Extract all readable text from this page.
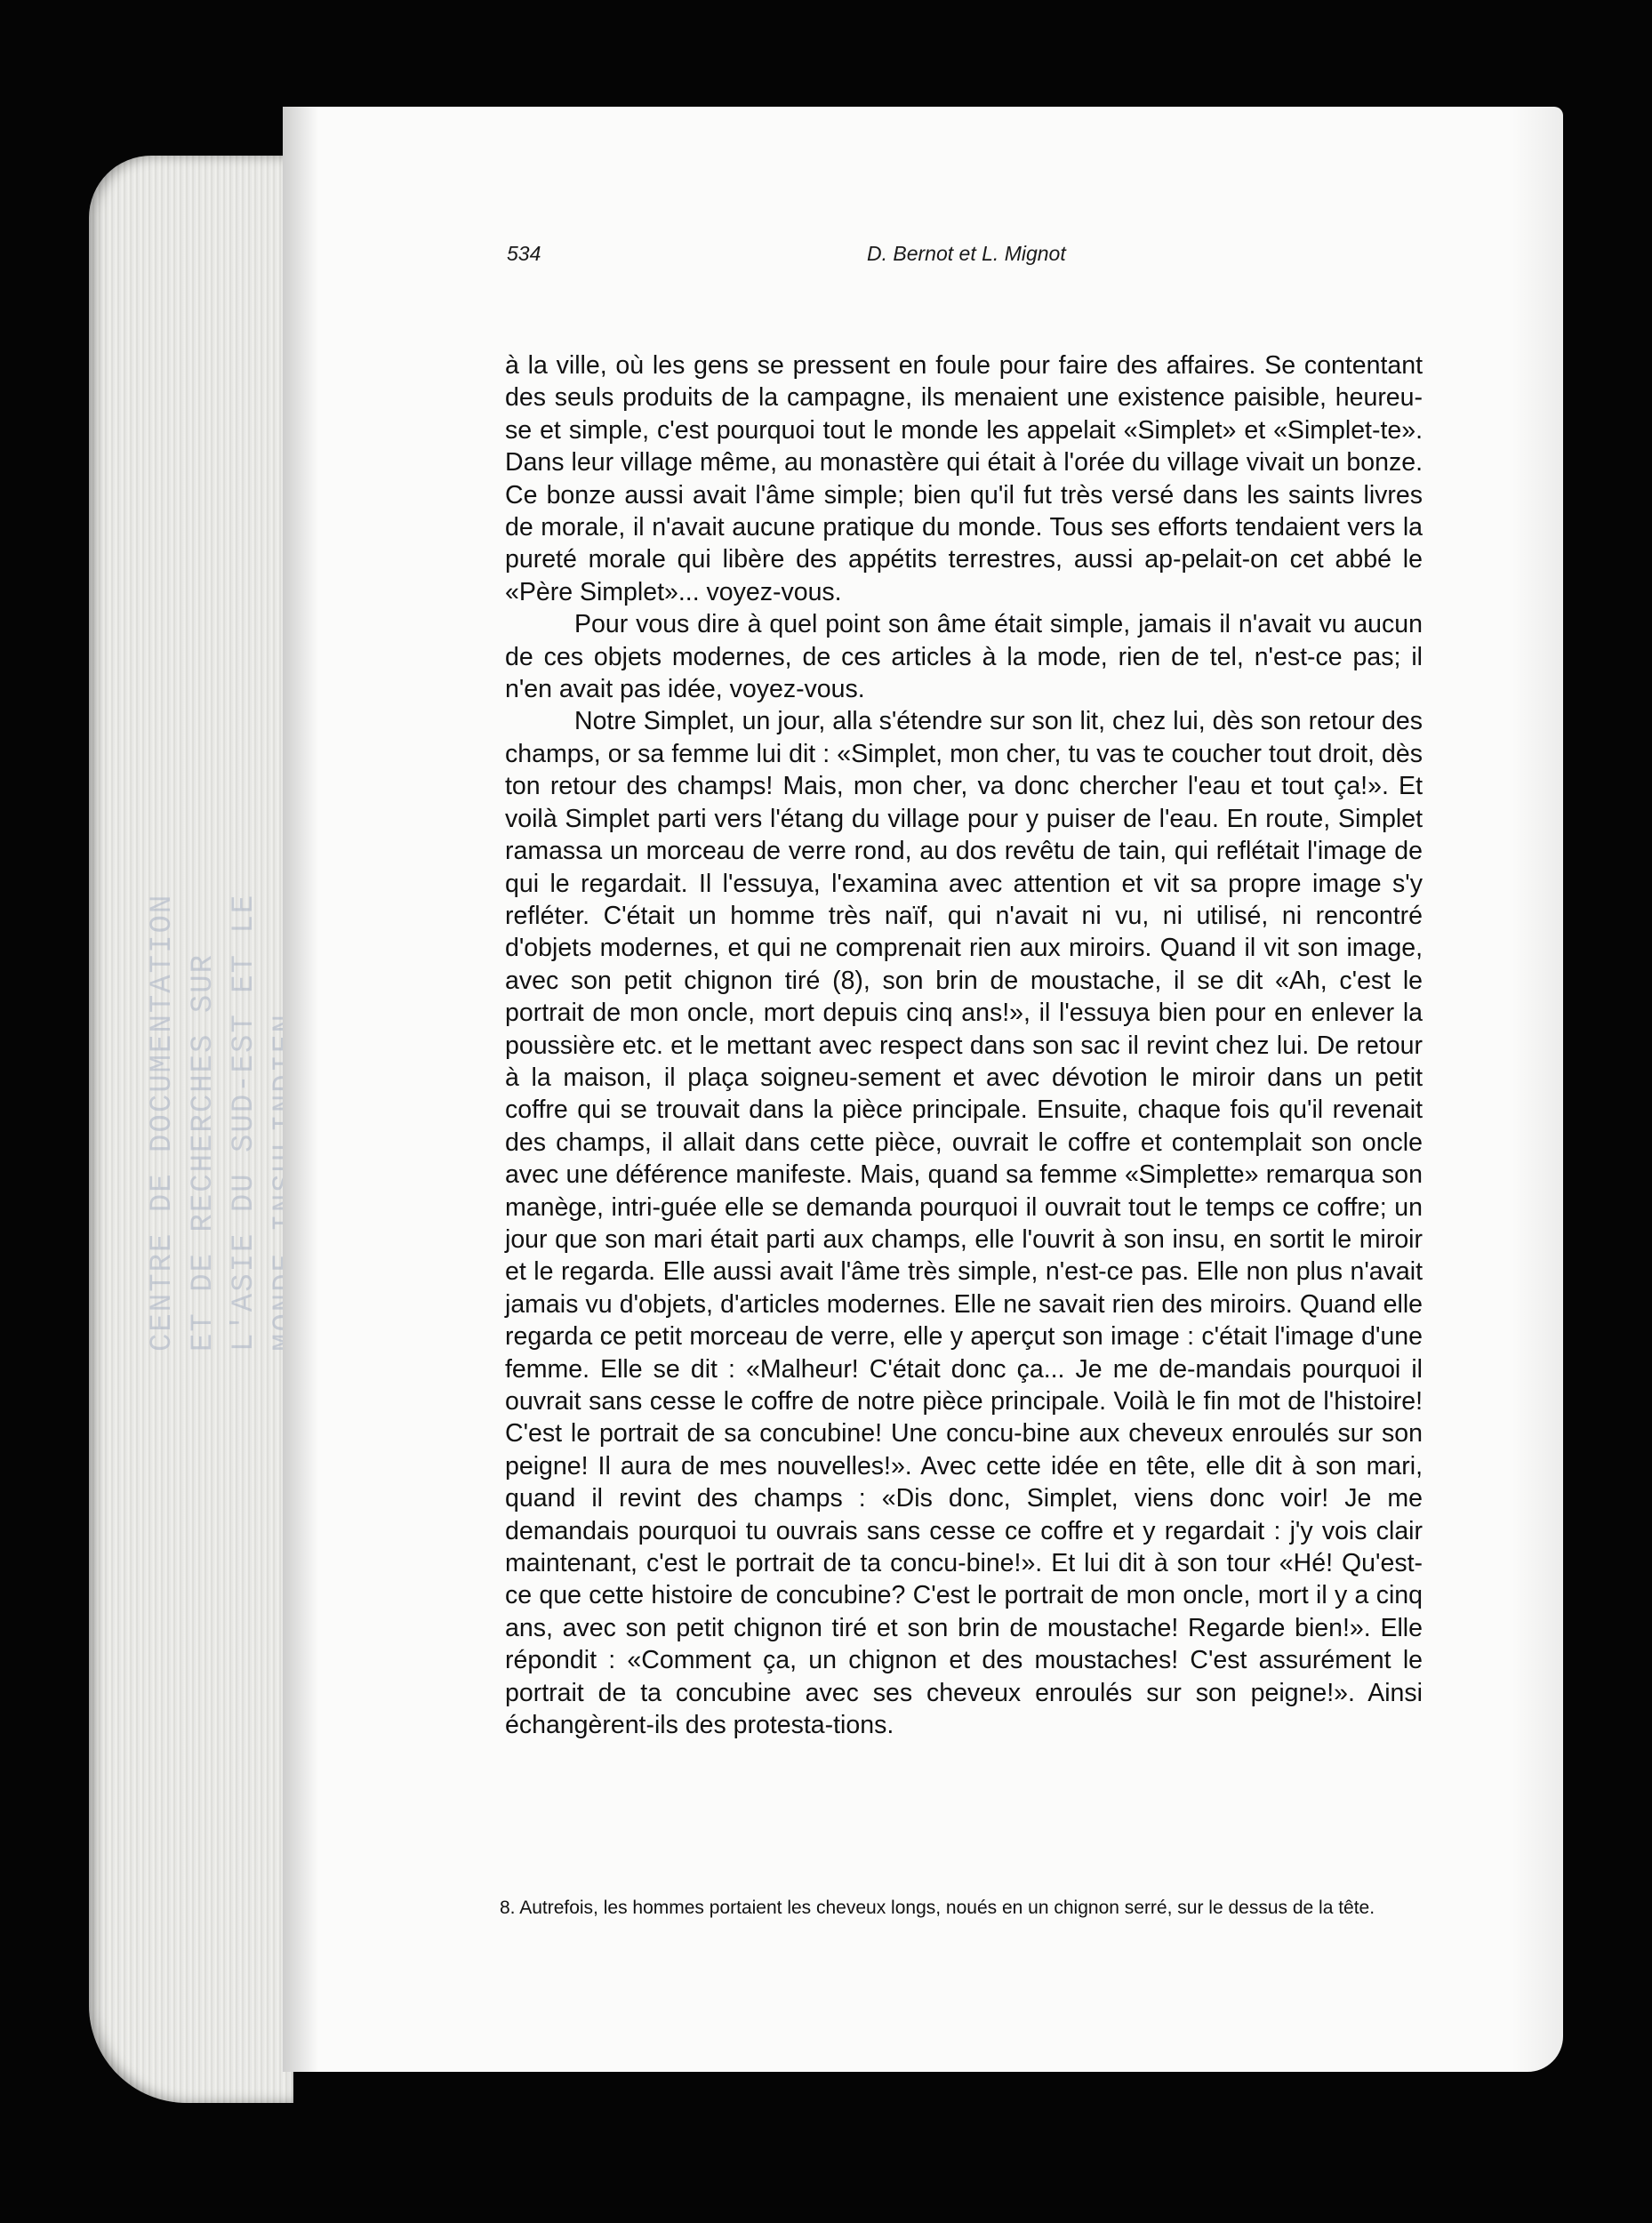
CENTRE DE DOCUMENTATION ET DE RECHERCHES SUR L'ASIE DU SUD-EST ET LE
534	D. Bernot et L. Mignot

à la ville, où les gens se pressent en foule pour faire des affaires. Se contentant des seuls produits de la campagne, ils menaient une existence paisible, heureu-se et simple, c'est pourquoi tout le monde les appelait «Simplet» et «Simplet-te». Dans leur village même, au monastère qui était à l'orée du village vivait un bonze. Ce bonze aussi avait l'âme simple; bien qu'il fut très versé dans les saints livres de morale, il n'avait aucune pratique du monde. Tous ses efforts tendaient vers la pureté morale qui libère des appétits terrestres, aussi ap-pelait-on cet abbé le «Père Simplet»... voyez-vous.

Pour vous dire à quel point son âme était simple, jamais il n'avait vu aucun de ces objets modernes, de ces articles à la mode, rien de tel, n'est-ce pas; il n'en avait pas idée, voyez-vous.

Notre Simplet, un jour, alla s'étendre sur son lit, chez lui, dès son retour des champs, or sa femme lui dit : «Simplet, mon cher, tu vas te coucher tout droit, dès ton retour des champs! Mais, mon cher, va donc chercher l'eau et tout ça!». Et voilà Simplet parti vers l'étang du village pour y puiser de l'eau. En route, Simplet ramassa un morceau de verre rond, au dos revêtu de tain, qui reflétait l'image de qui le regardait. Il l'essuya, l'examina avec attention et vit sa propre image s'y refléter. C'était un homme très naïf, qui n'avait ni vu, ni utilisé, ni rencontré d'objets modernes, et qui ne comprenait rien aux miroirs. Quand il vit son image, avec son petit chignon tiré (8), son brin de moustache, il se dit «Ah, c'est le portrait de mon oncle, mort depuis cinq ans!», il l'essuya bien pour en enlever la poussière etc. et le mettant avec respect dans son sac il revint chez lui. De retour à la maison, il plaça soigneu-sement et avec dévotion le miroir dans un petit coffre qui se trouvait dans la pièce principale. Ensuite, chaque fois qu'il revenait des champs, il allait dans cette pièce, ouvrait le coffre et contemplait son oncle avec une déférence manifeste. Mais, quand sa femme «Simplette» remarqua son manège, intri-guée elle se demanda pourquoi il ouvrait tout le temps ce coffre; un jour que son mari était parti aux champs, elle l'ouvrit à son insu, en sortit le miroir et le regarda. Elle aussi avait l'âme très simple, n'est-ce pas. Elle non plus n'avait jamais vu d'objets, d'articles modernes. Elle ne savait rien des miroirs. Quand elle regarda ce petit morceau de verre, elle y aperçut son image : c'était l'image d'une femme. Elle se dit : «Malheur! C'était donc ça... Je me de-mandais pourquoi il ouvrait sans cesse le coffre de notre pièce principale. Voilà le fin mot de l'histoire! C'est le portrait de sa concubine! Une concu-bine aux cheveux enroulés sur son peigne! Il aura de mes nouvelles!». Avec cette idée en tête, elle dit à son mari, quand il revint des champs : «Dis donc, Simplet, viens donc voir! Je me demandais pourquoi tu ouvrais sans cesse ce coffre et y regardait : j'y vois clair maintenant, c'est le portrait de ta concu-bine!». Et lui dit à son tour «Hé! Qu'est-ce que cette histoire de concubine? C'est le portrait de mon oncle, mort il y a cinq ans, avec son petit chignon tiré et son brin de moustache! Regarde bien!». Elle répondit : «Comment ça, un chignon et des moustaches! C'est assurément le portrait de ta concubine avec ses cheveux enroulés sur son peigne!». Ainsi échangèrent-ils des protesta-tions.

8. Autrefois, les hommes portaient les cheveux longs, noués en un chignon serré, sur le dessus de la tête.
